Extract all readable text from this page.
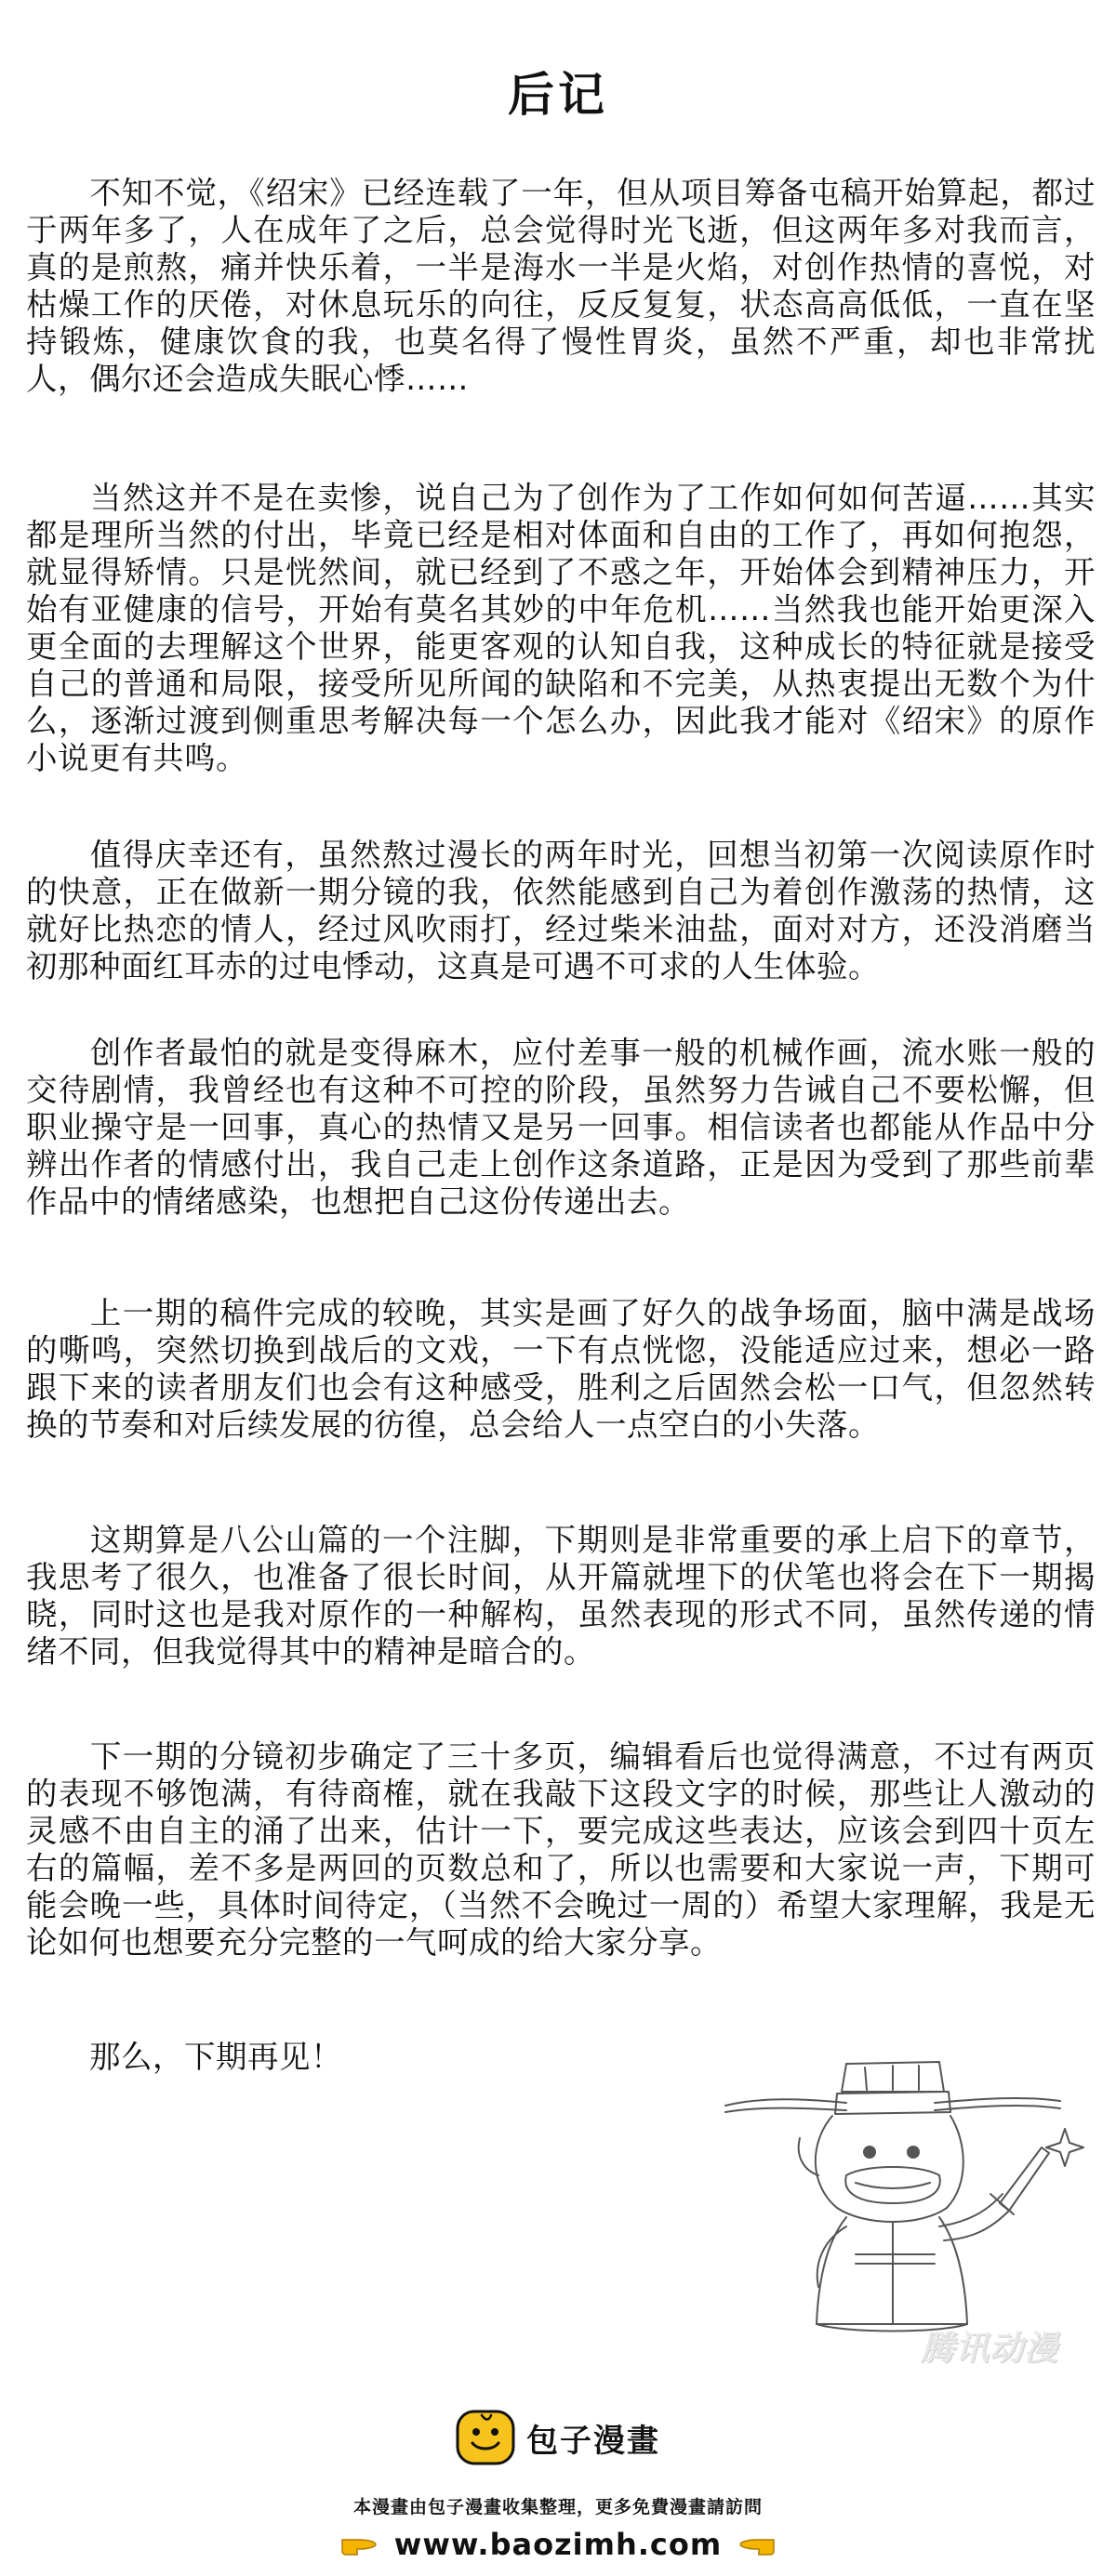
后记
不知不觉，《绍宋》已经连载了一年，但从项目筹备屯稿开始算起，都过于两年多了，人在成年了之后，总会觉得时光飞逝，但这两年多对我而言，真的是煎熬，痛并快乐着，一半是海水一半是火焰，对创作热情的喜悦，对枯燥工作的厌倦，对休息玩乐的向往，反反复复，状态高高低低，一直在坚持锻炼，健康饮食的我，也莫名得了慢性胃炎，虽然不严重，却也非常扰人，偶尔还会造成失眠心悸……
当然这并不是在卖惨，说自己为了创作为了工作如何如何苦逼……其实都是理所当然的付出，毕竟已经是相对体面和自由的工作了，再如何抱怨，就显得矫情。只是恍然间，就已经到了不惑之年，开始体会到精神压力，开始有亚健康的信号，开始有莫名其妙的中年危机……当然我也能开始更深入更全面的去理解这个世界，能更客观的认知自我，这种成长的特征就是接受自己的普通和局限，接受所见所闻的缺陷和不完美，从热衷提出无数个为什么，逐渐过渡到侧重思考解决每一个怎么办，因此我才能对《绍宋》的原作小说更有共鸣。
值得庆幸还有，虽然熬过漫长的两年时光，回想当初第一次阅读原作时的快意，正在做新一期分镜的我，依然能感到自己为着创作激荡的热情，这就好比热恋的情人，经过风吹雨打，经过柴米油盐，面对对方，还没消磨当初那种面红耳赤的过电悸动，这真是可遇不可求的人生体验。
创作者最怕的就是变得麻木，应付差事一般的机械作画，流水账一般的交待剧情，我曾经也有这种不可控的阶段，虽然努力告诫自己不要松懈，但职业操守是一回事，真心的热情又是另一回事。相信读者也都能从作品中分辨出作者的情感付出，我自己走上创作这条道路，正是因为受到了那些前辈作品中的情绪感染，也想把自己这份传递出去。
上一期的稿件完成的较晚，其实是画了好久的战争场面，脑中满是战场的嘶鸣，突然切换到战后的文戏，一下有点恍惚，没能适应过来，想必一路跟下来的读者朋友们也会有这种感受，胜利之后固然会松一口气，但忽然转换的节奏和对后续发展的彷徨，总会给人一点空白的小失落。
这期算是八公山篇的一个注脚，下期则是非常重要的承上启下的章节，我思考了很久，也准备了很长时间，从开篇就埋下的伏笔也将会在下一期揭晓，同时这也是我对原作的一种解构，虽然表现的形式不同，虽然传递的情绪不同，但我觉得其中的精神是暗合的。
下一期的分镜初步确定了三十多页，编辑看后也觉得满意，不过有两页的表现不够饱满，有待商榷，就在我敲下这段文字的时候，那些让人激动的灵感不由自主的涌了出来，估计一下，要完成这些表达，应该会到四十页左右的篇幅，差不多是两回的页数总和了，所以也需要和大家说一声，下期可能会晚一些，具体时间待定，（当然不会晚过一周的）希望大家理解，我是无论如何也想要充分完整的一气呵成的给大家分享。
那么，下期再见！
腾讯动漫
包子漫畫
本漫畫由包子漫畫收集整理，更多免費漫畫請訪問
www.baozimh.com
